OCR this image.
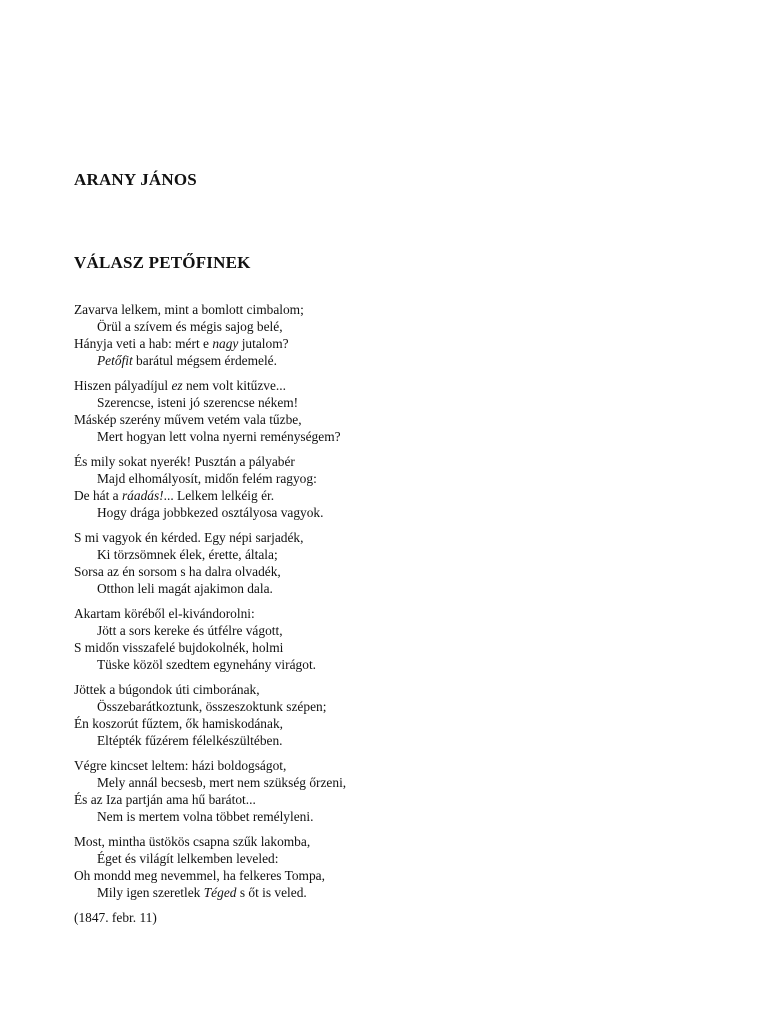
ARANY JÁNOS
VÁLASZ PETŐFINEK
Zavarva lelkem, mint a bomlott cimbalom;
Örül a szívem és mégis sajog belé,
Hányja veti a hab: mért e nagy jutalom?
Petőfit barátul mégsem érdemelé.
Hiszen pályadíjul ez nem volt kitűzve...
Szerencse, isteni jó szerencse nékem!
Máskép szerény művem vetém vala tűzbe,
Mert hogyan lett volna nyerni reménységem?
És mily sokat nyerék! Pusztán a pályabér
Majd elhomályosít, midőn felém ragyog:
De hát a ráadás!... Lelkem lelkéig ér.
Hogy drága jobbkezed osztályosa vagyok.
S mi vagyok én kérded. Egy népi sarjadék,
Ki törzsömnek élek, érette, általa;
Sorsa az én sorsom s ha dalra olvadék,
Otthon leli magát ajakimon dala.
Akartam köréből el-kivándorolni:
Jött a sors kereke és útfélre vágott,
S midőn visszafelé bujdokolnék, holmi
Tüske közöl szedtem egynehány virágot.
Jöttek a búgondok úti cimborának,
Összebarátkoztunk, összeszoktunk szépen;
Én koszorút fűztem, ők hamiskodának,
Eltépték fűzérem félelkészültében.
Végre kincset leltem: házi boldogságot,
Mely annál becsesb, mert nem szükség őrzeni,
És az Iza partján ama hű barátot...
Nem is mertem volna többet remélyleni.
Most, mintha üstökös csapna szűk lakomba,
Éget és világít lelkemben leveled:
Oh mondd meg nevemmel, ha felkeres Tompa,
Mily igen szeretlek Téged s őt is veled.
(1847. febr. 11)
